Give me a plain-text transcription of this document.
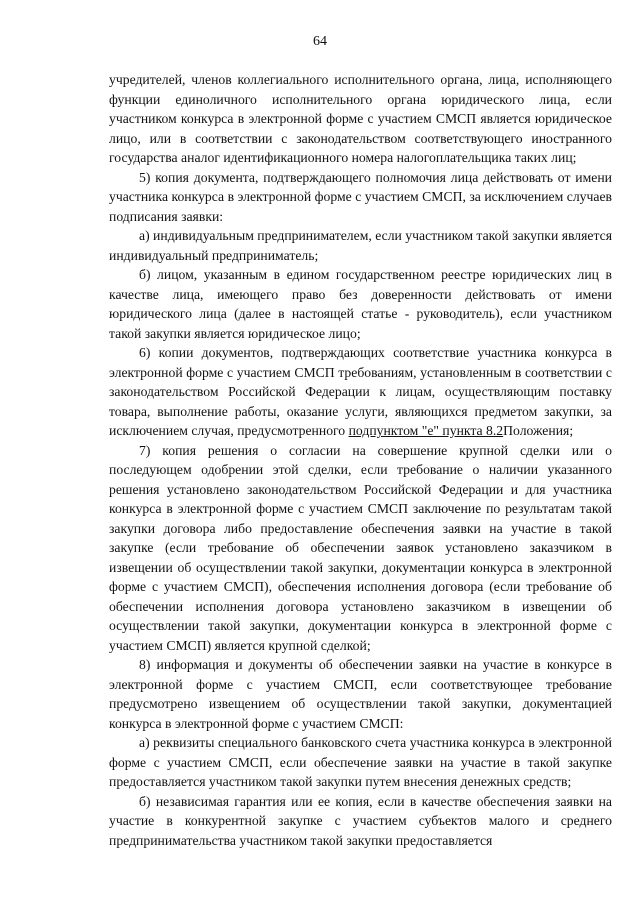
64

учредителей, членов коллегиального исполнительного органа, лица, исполняющего функции единоличного исполнительного органа юридического лица, если участником конкурса в электронной форме с участием СМСП является юридическое лицо, или в соответствии с законодательством соответствующего иностранного государства аналог идентификационного номера налогоплательщика таких лиц;

5) копия документа, подтверждающего полномочия лица действовать от имени участника конкурса в электронной форме с участием СМСП, за исключением случаев подписания заявки:

а) индивидуальным предпринимателем, если участником такой закупки является индивидуальный предприниматель;

б) лицом, указанным в едином государственном реестре юридических лиц в качестве лица, имеющего право без доверенности действовать от имени юридического лица (далее в настоящей статье - руководитель), если участником такой закупки является юридическое лицо;

6) копии документов, подтверждающих соответствие участника конкурса в электронной форме с участием СМСП требованиям, установленным в соответствии с законодательством Российской Федерации к лицам, осуществляющим поставку товара, выполнение работы, оказание услуги, являющихся предметом закупки, за исключением случая, предусмотренного подпунктом "е" пункта 8.2Положения;

7) копия решения о согласии на совершение крупной сделки или о последующем одобрении этой сделки, если требование о наличии указанного решения установлено законодательством Российской Федерации и для участника конкурса в электронной форме с участием СМСП заключение по результатам такой закупки договора либо предоставление обеспечения заявки на участие в такой закупке (если требование об обеспечении заявок установлено заказчиком в извещении об осуществлении такой закупки, документации конкурса в электронной форме с участием СМСП), обеспечения исполнения договора (если требование об обеспечении исполнения договора установлено заказчиком в извещении об осуществлении такой закупки, документации конкурса в электронной форме с участием СМСП) является крупной сделкой;

8) информация и документы об обеспечении заявки на участие в конкурсе в электронной форме с участием СМСП, если соответствующее требование предусмотрено извещением об осуществлении такой закупки, документацией конкурса в электронной форме с участием СМСП:

а) реквизиты специального банковского счета участника конкурса в электронной форме с участием СМСП, если обеспечение заявки на участие в такой закупке предоставляется участником такой закупки путем внесения денежных средств;

б) независимая гарантия или ее копия, если в качестве обеспечения заявки на участие в конкурентной закупке с участием субъектов малого и среднего предпринимательства участником такой закупки предоставляется
